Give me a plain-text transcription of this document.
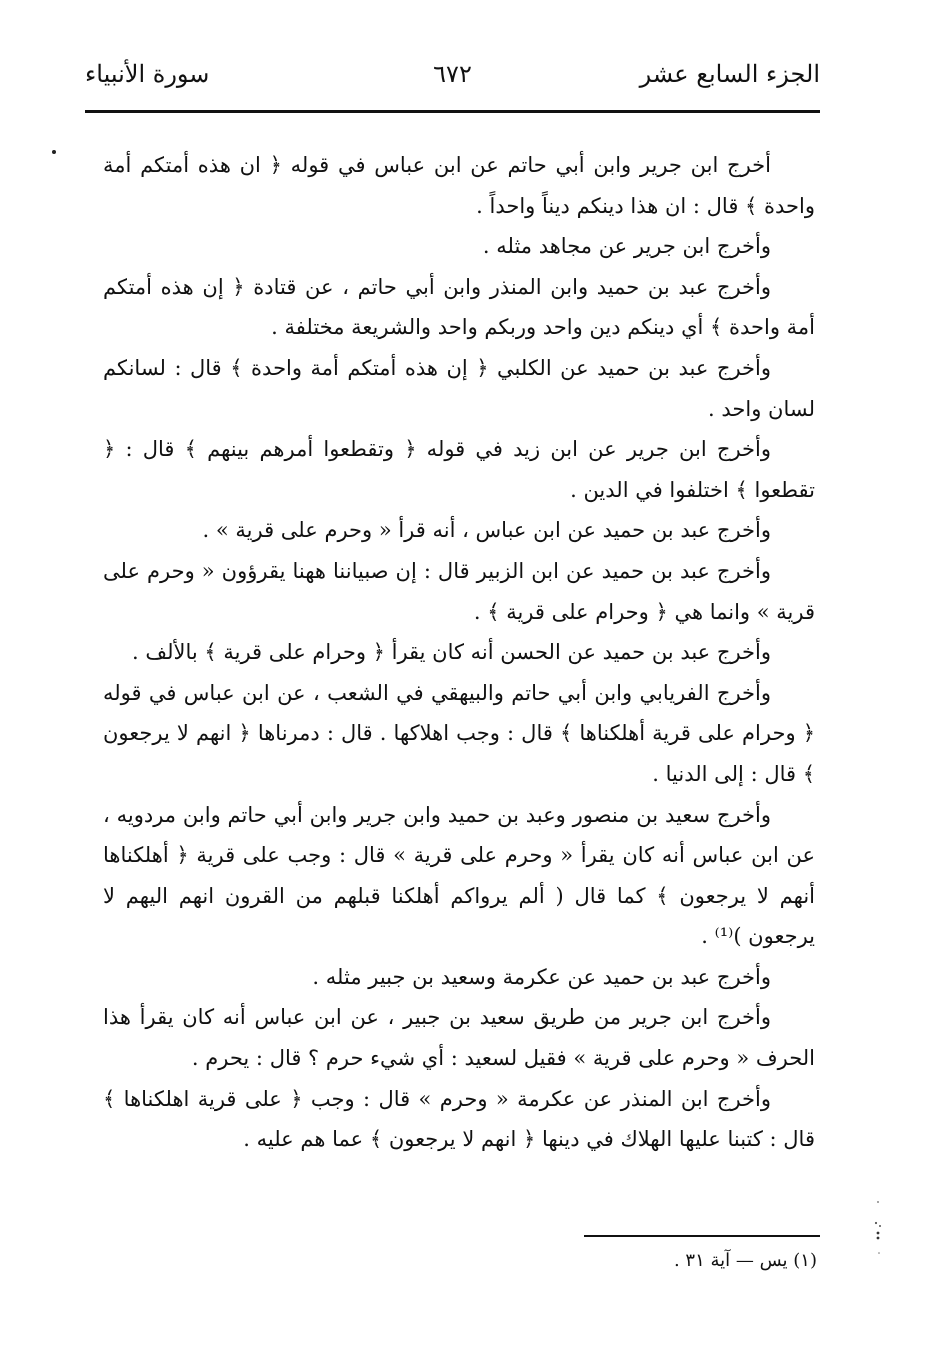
الجزء السابع عشر
٦٧٢
سورة الأنبياء

أخرج ابن جرير وابن أبي حاتم عن ابن عباس في قوله ﴿ ان هذه أمتكم أمة واحدة ﴾ قال : ان هذا دينكم ديناً واحداً .

وأخرج ابن جرير عن مجاهد مثله .

وأخرج عبد بن حميد وابن المنذر وابن أبي حاتم ، عن قتادة ﴿ إن هذه أمتكم أمة واحدة ﴾ أي دينكم دين واحد وربكم واحد والشريعة مختلفة .

وأخرج عبد بن حميد عن الكلبي ﴿ إن هذه أمتكم أمة واحدة ﴾ قال : لسانكم لسان واحد .

وأخرج ابن جرير عن ابن زيد في قوله ﴿ وتقطعوا أمرهم بينهم ﴾ قال : ﴿ تقطعوا ﴾ اختلفوا في الدين .

وأخرج عبد بن حميد عن ابن عباس ، أنه قرأ « وحرم على قرية » .

وأخرج عبد بن حميد عن ابن الزبير قال : إن صبياننا ههنا يقرؤون « وحرم على قرية » وانما هي ﴿ وحرام على قرية ﴾ .

وأخرج عبد بن حميد عن الحسن أنه كان يقرأ ﴿ وحرام على قرية ﴾ بالألف .

وأخرج الفريابي وابن أبي حاتم والبيهقي في الشعب ، عن ابن عباس في قوله ﴿ وحرام على قرية أهلكناها ﴾ قال : وجب اهلاكها . قال : دمرناها ﴿ انهم لا يرجعون ﴾ قال : إلى الدنيا .

وأخرج سعيد بن منصور وعبد بن حميد وابن جرير وابن أبي حاتم وابن مردويه ، عن ابن عباس أنه كان يقرأ « وحرم على قرية » قال : وجب على قرية ﴿ أهلكناها أنهم لا يرجعون ﴾ كما قال ( ألم يرواكم أهلكنا قبلهم من القرون انهم اليهم لا يرجعون )⁽¹⁾ .

وأخرج عبد بن حميد عن عكرمة وسعيد بن جبير مثله .

وأخرج ابن جرير من طريق سعيد بن جبير ، عن ابن عباس أنه كان يقرأ هذا الحرف « وحرم على قرية » فقيل لسعيد : أي شيء حرم ؟ قال : يحرم .

وأخرج ابن المنذر عن عكرمة « وحرم » قال : وجب ﴿ على قرية اهلكناها ﴾ قال : كتبنا عليها الهلاك في دينها ﴿ انهم لا يرجعون ﴾ عما هم عليه .

(١) يس — آية ٣١ .
